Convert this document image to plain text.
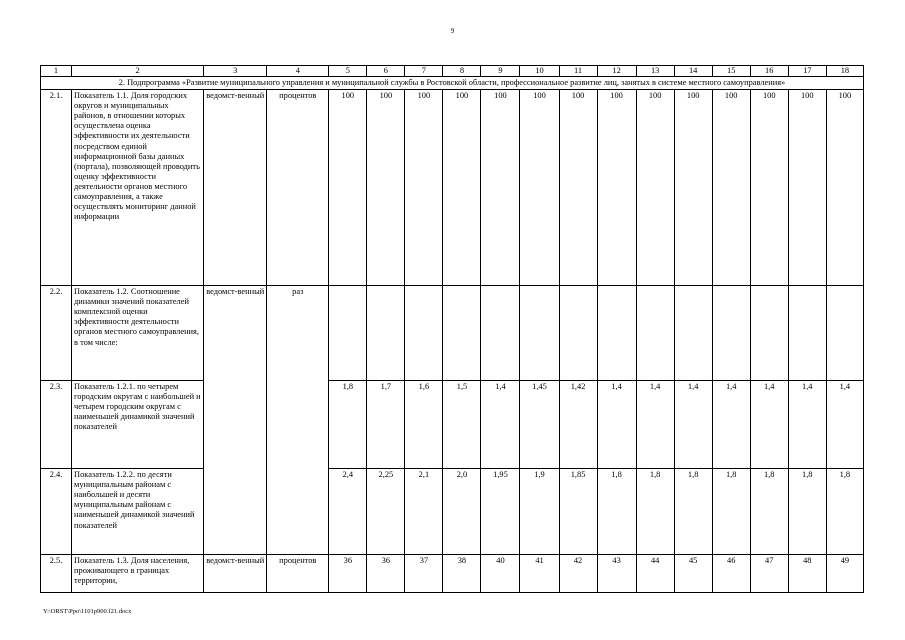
9
1	2	3	4	5	6	7	8	9	10	11	12	13	14	15	16	17	18
2. Подпрограмма «Развитие муниципального управления и муниципальной службы в Ростовской области, профессиональное развитие лиц, занятых в системе местного самоуправления»																	
2.1.	Показатель 1.1. Доля городских округов и муниципальных районов, в отношении которых осуществлена оценка эффективности их деятельности посредством единой информационной базы данных (портала), позволяющей проводить оценку эффективности деятельности органов местного самоуправления, а также осуществлять мониторинг данной информации	ведомст-венный	процентов	100	100	100	100	100	100	100	100	100	100	100	100	100	100
2.2.	Показатель 1.2. Соотношение динамики значений показателей комплексной оценки эффективности деятельности органов местного самоуправления, в том числе:	ведомст-венный	раз														
2.3.	Показатель 1.2.1. по четырем городским округам с наибольшей и четырем городским округам с наименьшей динамикой значений показателей			1,8	1,7	1,6	1,5	1,4	1,45	1,42	1,4	1,4	1,4	1,4	1,4	1,4	1,4
2.4.	Показатель 1.2.2. по десяти муниципальным районам с наибольшей и десяти муниципальным районам с наименьшей динамикой значений показателей			2,4	2,25	2,1	2,0	1,95	1,9	1,85	1,8	1,8	1,8	1,8	1,8	1,8	1,8
2.5.	Показатель 1.3. Доля населения, проживающего в границах территории,	ведомст-венный	процентов	36	36	37	38	40	41	42	43	44	45	46	47	48	49
Y:\ORST\Ppo\1101p900.f21.docx
